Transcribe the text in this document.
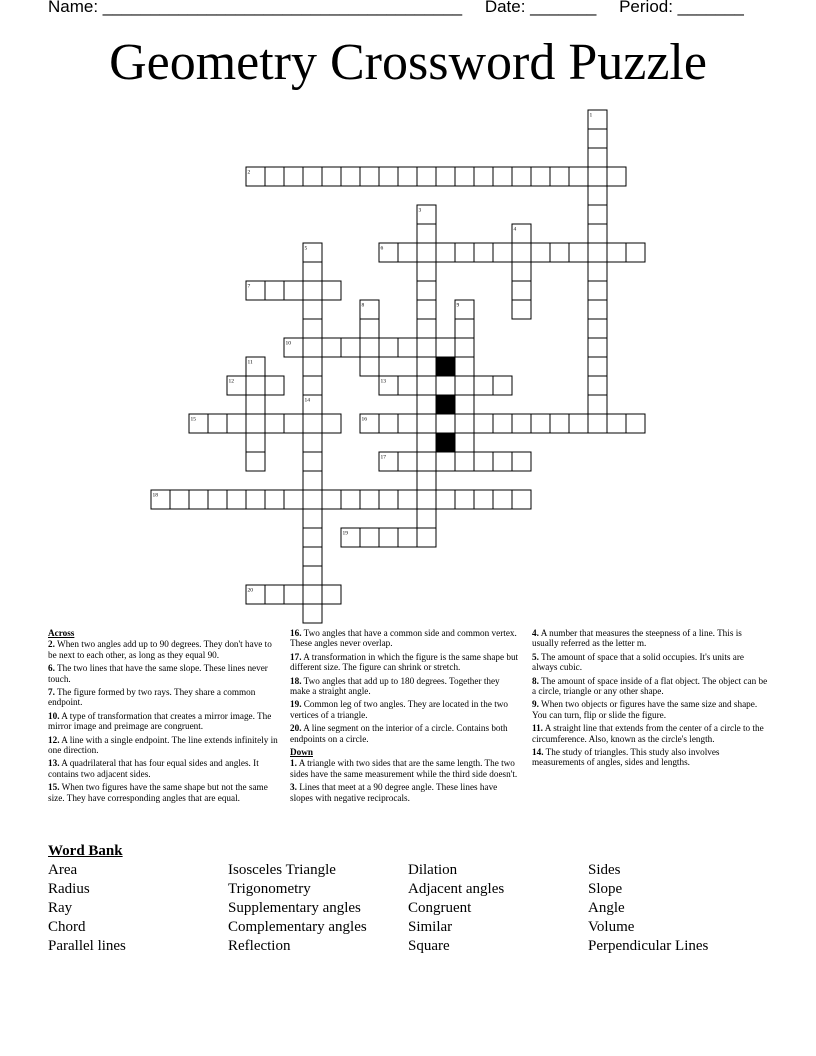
Name: ______________________________________ Date: _______ Period: _______
Geometry Crossword Puzzle
1
2
3
4
5	6
7
8	9
10
11
12	13
14
15	16
17
18
19
20
Across

2. When two angles add up to 90 degrees. They don't have to be next to each other, as long as they equal 90.

6. The two lines that have the same slope. These lines never touch.

7. The figure formed by two rays. They share a common endpoint.

10. A type of transformation that creates a mirror image. The mirror image and preimage are congruent.

12. A line with a single endpoint. The line extends infinitely in one direction.

13. A quadrilateral that has four equal sides and angles. It contains two adjacent sides.

15. When two figures have the same shape but not the same size. They have corresponding angles that are equal.

16. Two angles that have a common side and common vertex. These angles never overlap.

17. A transformation in which the figure is the same shape but different size. The figure can shrink or stretch.

18. Two angles that add up to 180 degrees. Together they make a straight angle.

19. Common leg of two angles. They are located in the two vertices of a triangle.

20. A line segment on the interior of a circle. Contains both endpoints on a circle.

Down

1. A triangle with two sides that are the same length. The two sides have the same measurement while the third side doesn't.

3. Lines that meet at a 90 degree angle. These lines have slopes with negative reciprocals.

4. A number that measures the steepness of a line. This is usually referred as the letter m.

5. The amount of space that a solid occupies. It's units are always cubic.

8. The amount of space inside of a flat object. The object can be a circle, triangle or any other shape.

9. When two objects or figures have the same size and shape. You can turn, flip or slide the figure.

11. A straight line that extends from the center of a circle to the circumference. Also, known as the circle's length.

14. The study of triangles. This study also involves measurements of angles, sides and lengths.

Word Bank
Area
Radius
Ray
Chord
Parallel lines
Isosceles Triangle
Trigonometry
Supplementary angles
Complementary angles
Reflection
Dilation
Adjacent angles
Congruent
Similar
Square
Sides
Slope
Angle
Volume
Perpendicular Lines
